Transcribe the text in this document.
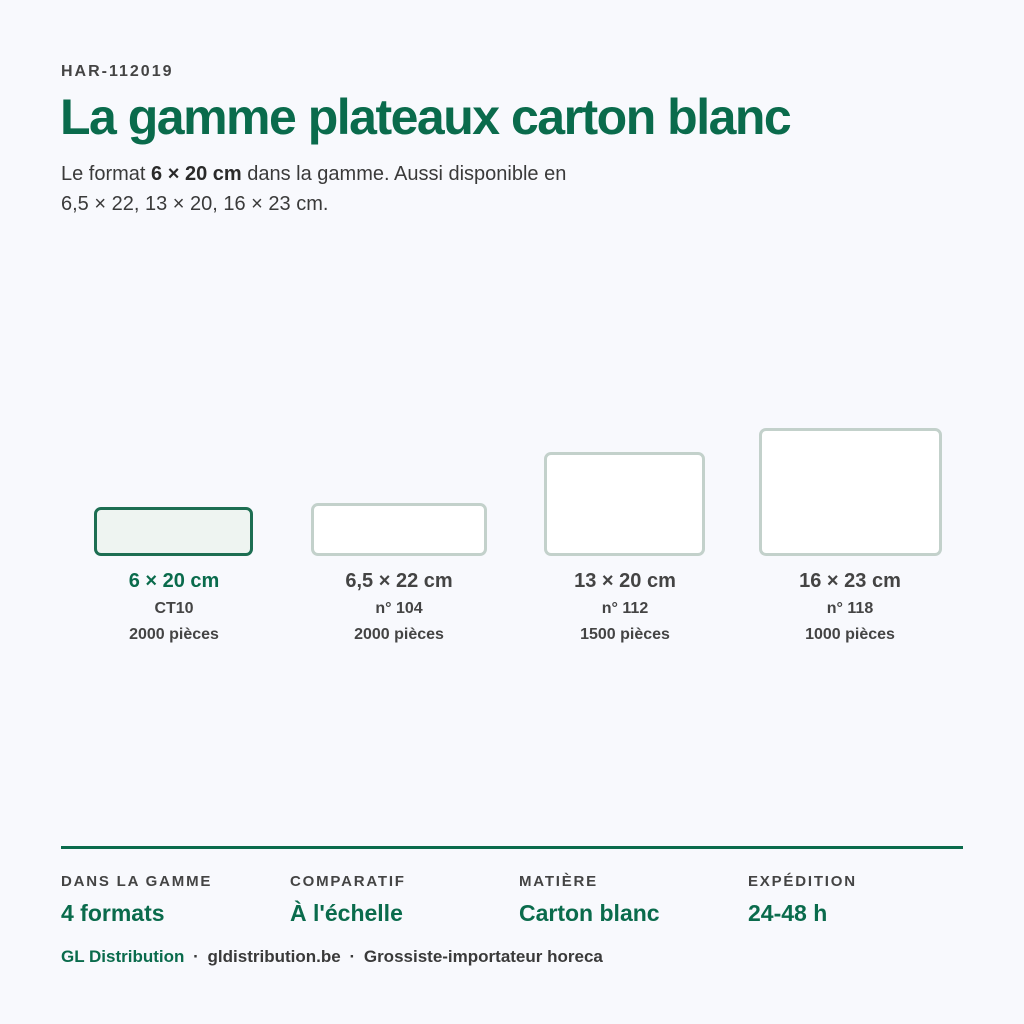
HAR-112019
La gamme plateaux carton blanc
Le format 6 × 20 cm dans la gamme. Aussi disponible en
6,5 × 22, 13 × 20, 16 × 23 cm.
6 × 20 cm
CT10
2000 pièces
6,5 × 22 cm
n° 104
2000 pièces
13 × 20 cm
n° 112
1500 pièces
16 × 23 cm
n° 118
1000 pièces
DANS LA GAMME
4 formats
COMPARATIF
À l'échelle
MATIÈRE
Carton blanc
EXPÉDITION
24-48 h
GL Distribution · gldistribution.be · Grossiste-importateur horeca
